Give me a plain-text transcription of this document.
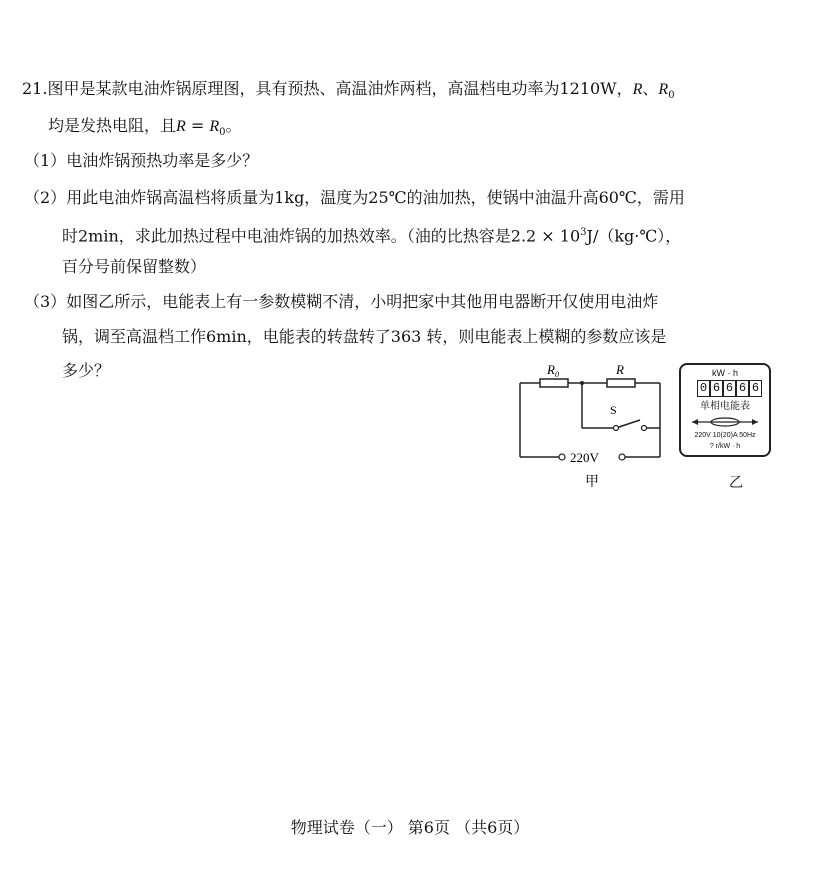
21.图甲是某款电油炸锅原理图，具有预热、高温油炸两档，高温档电功率为1210W，R、$R_0$
均是发热电阻，且$R = R_0$。
（1）电油炸锅预热功率是多少？
（2）用此电油炸锅高温档将质量为1kg，温度为25℃的油加热，使锅中油温升高60℃，需用
时2min，求此加热过程中电油炸锅的加热效率。（油的比热容是$2.2 \times 10^3J/(kg\cdot℃)$，
百分号前保留整数）
（3）如图乙所示，电能表上有一参数模糊不清，小明把家中其他用电器断开仅使用电油炸
锅，调至高温档工作6min，电能表的转盘转了363 转，则电能表上模糊的参数应该是
多少？	$R_0$	R
S
220V
甲
kW · h
0 6 6 6 6
单相电能表
220V 10(20)A 50Hz
? r/kW · h
乙
物理试卷（一） 第6页 （共6页）
